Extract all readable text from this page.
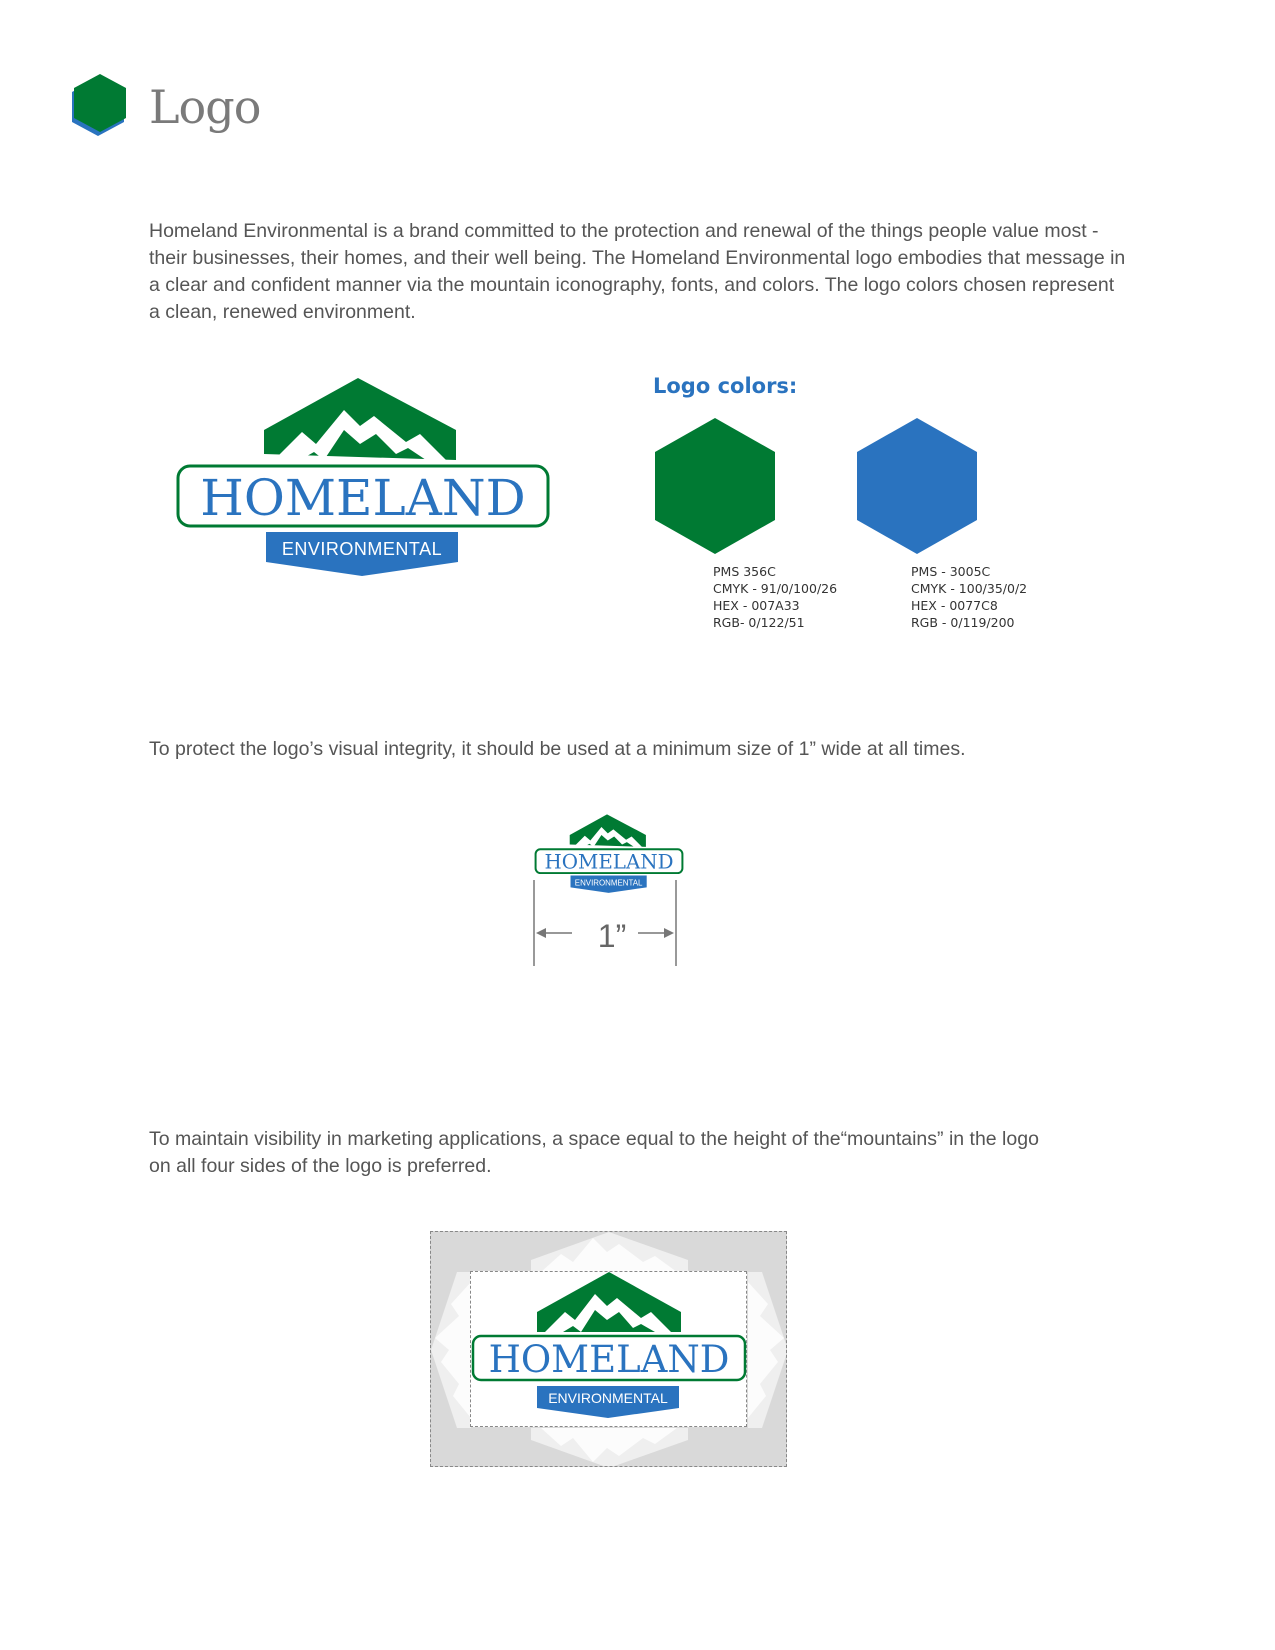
Logo

Homeland Environmental is a brand committed to the protection and renewal of the things people value most - their businesses, their homes, and their well being. The Homeland Environmental logo embodies that message in a clear and confident manner via the mountain iconography, fonts, and colors. The logo colors chosen represent a clean, renewed environment.

HOMELAND
ENVIRONMENTAL
Logo colors:
PMS 356C
CMYK - 91/0/100/26
HEX - 007A33
RGB- 0/122/51
PMS - 3005C
CMYK - 100/35/0/2
HEX - 0077C8
RGB - 0/119/200

To protect the logo’s visual integrity, it should be used at a minimum size of 1” wide at all times.

HOMELAND
ENVIRONMENTAL
1”

To maintain visibility in marketing applications, a space equal to the height of the“mountains” in the logo on all four sides of the logo is preferred.

HOMELAND
ENVIRONMENTAL
